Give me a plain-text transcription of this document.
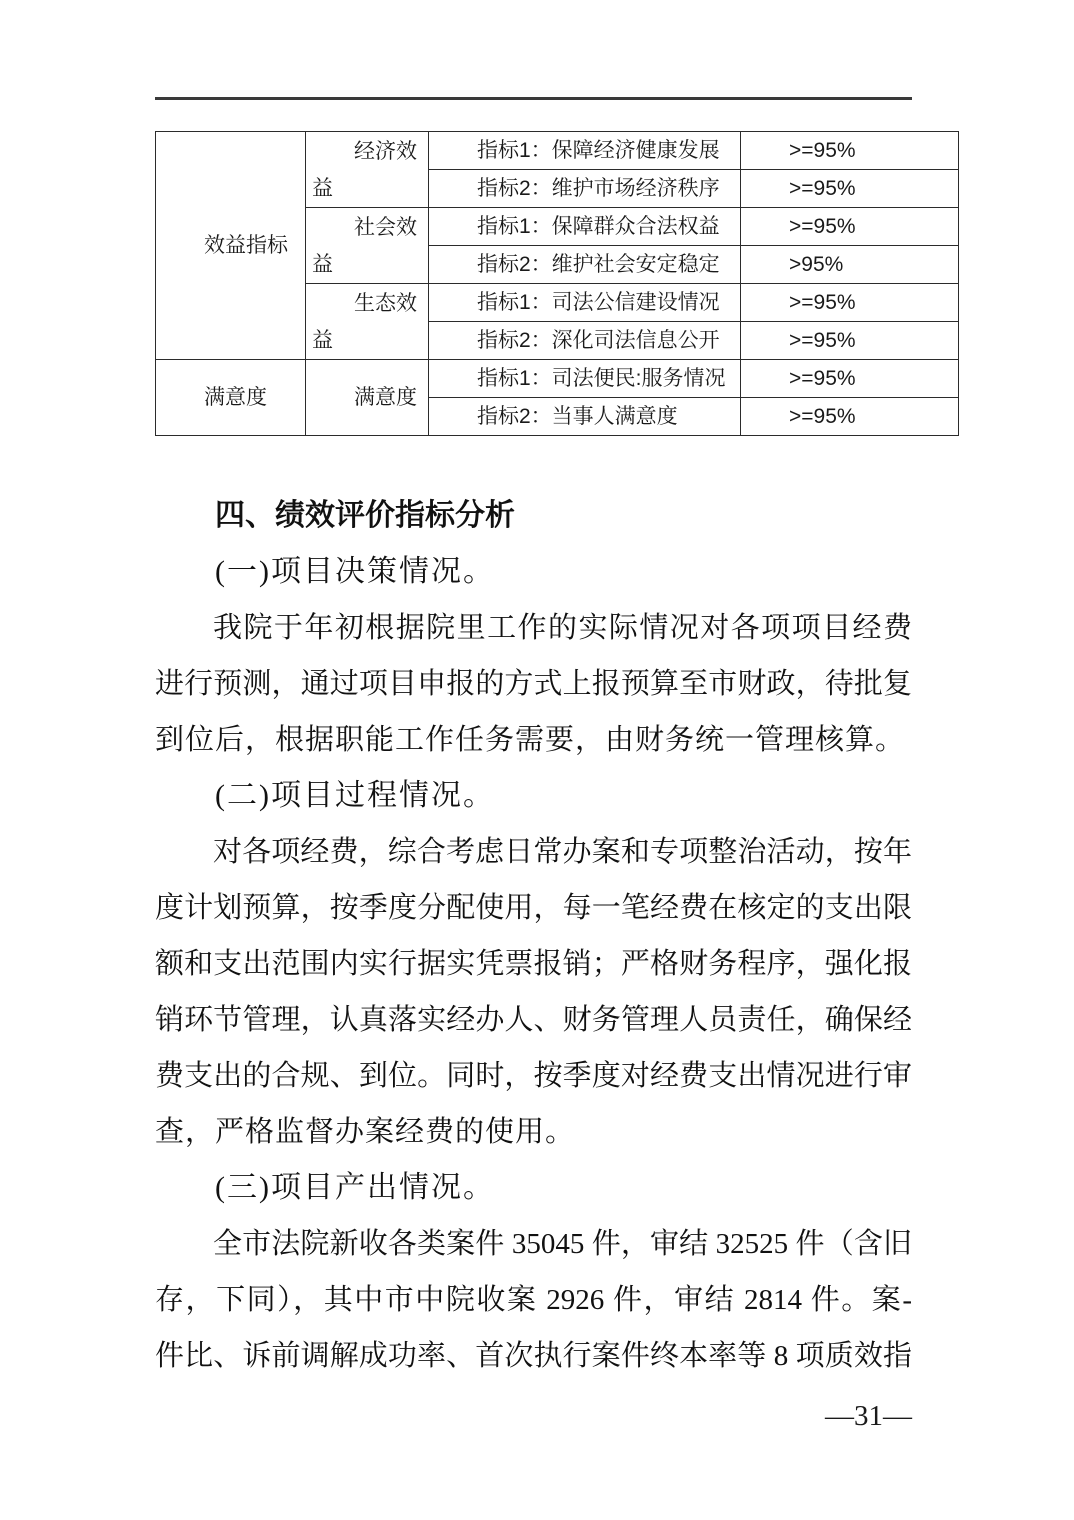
效益指标	经济效益	指标1：保障经济健康发展	>=95%
		指标2：维护市场经济秩序	>=95%
	社会效益	指标1：保障群众合法权益	>=95%
		指标2：维护社会安定稳定	>95%
	生态效益	指标1：司法公信建设情况	>=95%
		指标2：深化司法信息公开	>=95%
满意度	满意度	指标1：司法便民:服务情况	>=95%
		指标2：当事人满意度	>=95%
四、绩效评价指标分析
(一)项目决策情况。
我院于年初根据院里工作的实际情况对各项项目经费
进行预测，通过项目申报的方式上报预算至市财政，待批复
到位后，根据职能工作任务需要，由财务统一管理核算。
(二)项目过程情况。
对各项经费，综合考虑日常办案和专项整治活动，按年
度计划预算，按季度分配使用，每一笔经费在核定的支出限
额和支出范围内实行据实凭票报销；严格财务程序，强化报
销环节管理，认真落实经办人、财务管理人员责任，确保经
费支出的合规、到位。同时，按季度对经费支出情况进行审
查，严格监督办案经费的使用。
(三)项目产出情况。
全市法院新收各类案件 35045 件，审结 32525 件（含旧
存，下同），其中市中院收案 2926 件，审结 2814 件。案-
件比、诉前调解成功率、首次执行案件终本率等 8 项质效指
—31—
